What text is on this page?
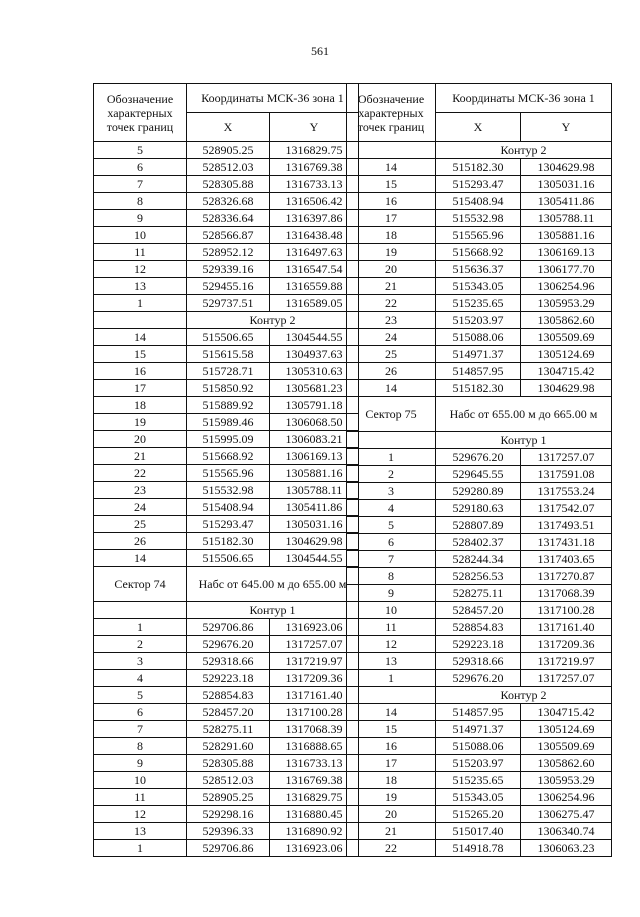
561
Обозначение характерных точек границ	Координаты МСК-36 зона 1	
	X	Y
5	528905.25	1316829.75
6	528512.03	1316769.38
7	528305.88	1316733.13
8	528326.68	1316506.42
9	528336.64	1316397.86
10	528566.87	1316438.48
11	528952.12	1316497.63
12	529339.16	1316547.54
13	529455.16	1316559.88
1	529737.51	1316589.05
	Контур 2	
14	515506.65	1304544.55
15	515615.58	1304937.63
16	515728.71	1305310.63
17	515850.92	1305681.23
18	515889.92	1305791.18
19	515989.46	1306068.50
20	515995.09	1306083.21
21	515668.92	1306169.13
22	515565.96	1305881.16
23	515532.98	1305788.11
24	515408.94	1305411.86
25	515293.47	1305031.16
26	515182.30	1304629.98
14	515506.65	1304544.55
Сектор 74	Набс от 645.00 м до 655.00 м	
	Контур 1	
1	529706.86	1316923.06
2	529676.20	1317257.07
3	529318.66	1317219.97
4	529223.18	1317209.36
5	528854.83	1317161.40
6	528457.20	1317100.28
7	528275.11	1317068.39
8	528291.60	1316888.65
9	528305.88	1316733.13
10	528512.03	1316769.38
11	528905.25	1316829.75
12	529298.16	1316880.45
13	529396.33	1316890.92
1	529706.86	1316923.06
Обозначение характерных точек границ	Координаты МСК-36 зона 1	
	X	Y
	Контур 2	
14	515182.30	1304629.98
15	515293.47	1305031.16
16	515408.94	1305411.86
17	515532.98	1305788.11
18	515565.96	1305881.16
19	515668.92	1306169.13
20	515636.37	1306177.70
21	515343.05	1306254.96
22	515235.65	1305953.29
23	515203.97	1305862.60
24	515088.06	1305509.69
25	514971.37	1305124.69
26	514857.95	1304715.42
14	515182.30	1304629.98
Сектор 75	Набс от 655.00 м до 665.00 м	
	Контур 1	
1	529676.20	1317257.07
2	529645.55	1317591.08
3	529280.89	1317553.24
4	529180.63	1317542.07
5	528807.89	1317493.51
6	528402.37	1317431.18
7	528244.34	1317403.65
8	528256.53	1317270.87
9	528275.11	1317068.39
10	528457.20	1317100.28
11	528854.83	1317161.40
12	529223.18	1317209.36
13	529318.66	1317219.97
1	529676.20	1317257.07
	Контур 2	
14	514857.95	1304715.42
15	514971.37	1305124.69
16	515088.06	1305509.69
17	515203.97	1305862.60
18	515235.65	1305953.29
19	515343.05	1306254.96
20	515265.20	1306275.47
21	515017.40	1306340.74
22	514918.78	1306063.23
